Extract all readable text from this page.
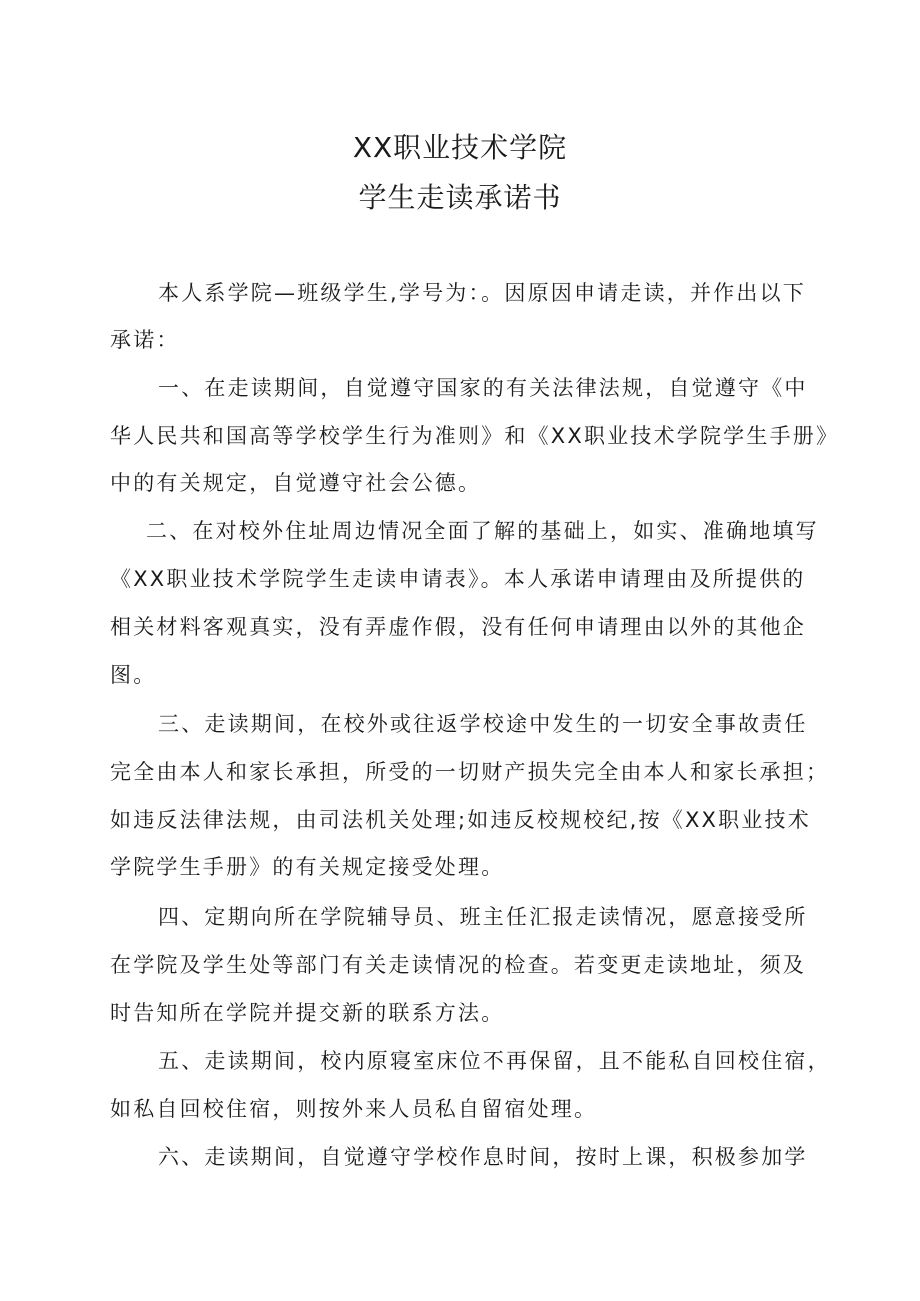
XX职业技术学院
学生走读承诺书
本人系学院—班级学生,学号为：。因原因申请走读，并作出以下
承诺：
一、在走读期间，自觉遵守国家的有关法律法规，自觉遵守《中
华人民共和国高等学校学生行为准则》和《XX职业技术学院学生手册》
中的有关规定，自觉遵守社会公德。
二、在对校外住址周边情况全面了解的基础上，如实、准确地填写
《XX职业技术学院学生走读申请表》。本人承诺申请理由及所提供的
相关材料客观真实，没有弄虚作假，没有任何申请理由以外的其他企
图。
三、走读期间，在校外或往返学校途中发生的一切安全事故责任
完全由本人和家长承担，所受的一切财产损失完全由本人和家长承担；
如违反法律法规，由司法机关处理;如违反校规校纪,按《XX职业技术
学院学生手册》的有关规定接受处理。
四、定期向所在学院辅导员、班主任汇报走读情况，愿意接受所
在学院及学生处等部门有关走读情况的检查。若变更走读地址，须及
时告知所在学院并提交新的联系方法。
五、走读期间，校内原寝室床位不再保留，且不能私自回校住宿，
如私自回校住宿，则按外来人员私自留宿处理。
六、走读期间，自觉遵守学校作息时间，按时上课，积极参加学
